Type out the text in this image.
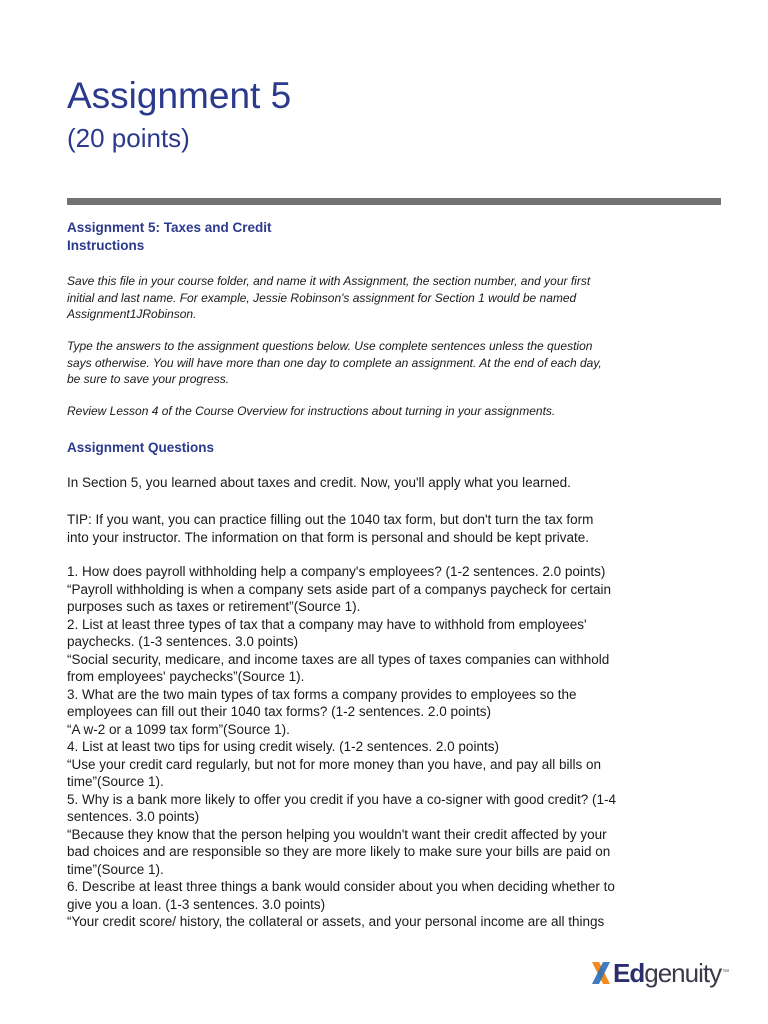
Assignment 5
(20 points)
Assignment 5: Taxes and Credit
Instructions
Save this file in your course folder, and name it with Assignment, the section number, and your first
initial and last name. For example, Jessie Robinson's assignment for Section 1 would be named
Assignment1JRobinson.
Type the answers to the assignment questions below. Use complete sentences unless the question
says otherwise. You will have more than one day to complete an assignment. At the end of each day,
be sure to save your progress.
Review Lesson 4 of the Course Overview for instructions about turning in your assignments.
Assignment Questions
In Section 5, you learned about taxes and credit. Now, you'll apply what you learned.
TIP: If you want, you can practice filling out the 1040 tax form, but don't turn the tax form
into your instructor. The information on that form is personal and should be kept private.
1. How does payroll withholding help a company's employees? (1-2 sentences. 2.0 points)
“Payroll withholding is when a company sets aside part of a companys paycheck for certain
purposes such as taxes or retirement”(Source 1).
2. List at least three types of tax that a company may have to withhold from employees'
paychecks. (1-3 sentences. 3.0 points)
“Social security, medicare, and income taxes are all types of taxes companies can withhold
from employees' paychecks”(Source 1).
3. What are the two main types of tax forms a company provides to employees so the
employees can fill out their 1040 tax forms? (1-2 sentences. 2.0 points)
“A w-2 or a 1099 tax form”(Source 1).
4. List at least two tips for using credit wisely. (1-2 sentences. 2.0 points)
“Use your credit card regularly, but not for more money than you have, and pay all bills on
time”(Source 1).
5. Why is a bank more likely to offer you credit if you have a co-signer with good credit? (1-4
sentences. 3.0 points)
“Because they know that the person helping you wouldn't want their credit affected by your
bad choices and are responsible so they are more likely to make sure your bills are paid on
time”(Source 1).
6. Describe at least three things a bank would consider about you when deciding whether to
give you a loan. (1-3 sentences. 3.0 points)
“Your credit score/ history, the collateral or assets, and your personal income are all things
Edgenuity ™
